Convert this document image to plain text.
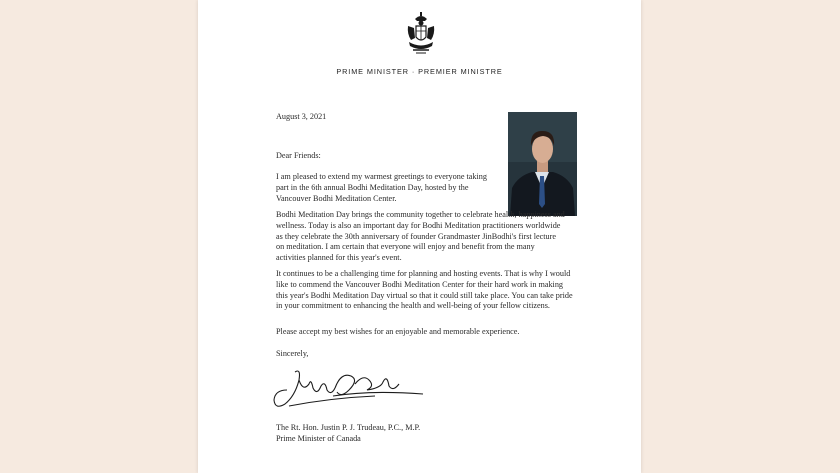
PRIME MINISTER · PREMIER MINISTRE

August 3, 2021

Dear Friends:

I am pleased to extend my warmest greetings to everyone taking part in the 6th annual Bodhi Meditation Day, hosted by the Vancouver Bodhi Meditation Center.

Bodhi Meditation Day brings the community together to celebrate health, happiness and wellness. Today is also an important day for Bodhi Meditation practitioners worldwide as they celebrate the 30th anniversary of founder Grandmaster JinBodhi's first lecture on meditation. I am certain that everyone will enjoy and benefit from the many activities planned for this year's event.

It continues to be a challenging time for planning and hosting events. That is why I would like to commend the Vancouver Bodhi Meditation Center for their hard work in making this year's Bodhi Meditation Day virtual so that it could still take place. You can take pride in your commitment to enhancing the health and well-being of your fellow citizens.

Please accept my best wishes for an enjoyable and memorable experience.

Sincerely,

The Rt. Hon. Justin P. J. Trudeau, P.C., M.P.
Prime Minister of Canada
